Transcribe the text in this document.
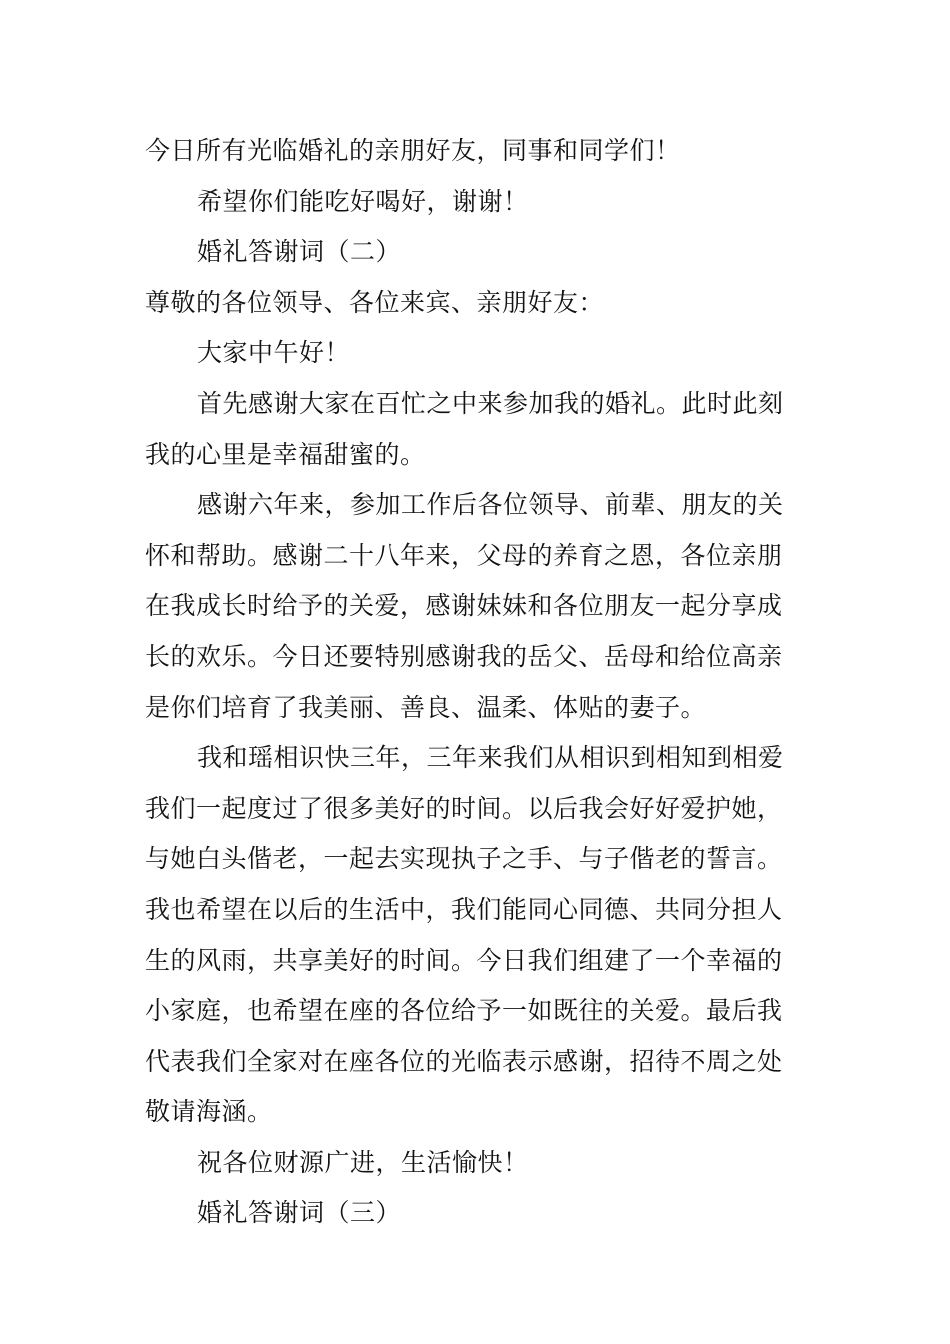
今日所有光临婚礼的亲朋好友，同事和同学们！
希望你们能吃好喝好，谢谢！
婚礼答谢词（二）
尊敬的各位领导、各位来宾、亲朋好友：
大家中午好！
首先感谢大家在百忙之中来参加我的婚礼。此时此刻
我的心里是幸福甜蜜的。
感谢六年来，参加工作后各位领导、前辈、朋友的关
怀和帮助。感谢二十八年来，父母的养育之恩，各位亲朋
在我成长时给予的关爱，感谢妹妹和各位朋友一起分享成
长的欢乐。今日还要特别感谢我的岳父、岳母和给位高亲
是你们培育了我美丽、善良、温柔、体贴的妻子。
我和瑶相识快三年，三年来我们从相识到相知到相爱
我们一起度过了很多美好的时间。以后我会好好爱护她，
与她白头偕老，一起去实现执子之手、与子偕老的誓言。
我也希望在以后的生活中，我们能同心同德、共同分担人
生的风雨，共享美好的时间。今日我们组建了一个幸福的
小家庭，也希望在座的各位给予一如既往的关爱。最后我
代表我们全家对在座各位的光临表示感谢，招待不周之处
敬请海涵。
祝各位财源广进，生活愉快！
婚礼答谢词（三）
